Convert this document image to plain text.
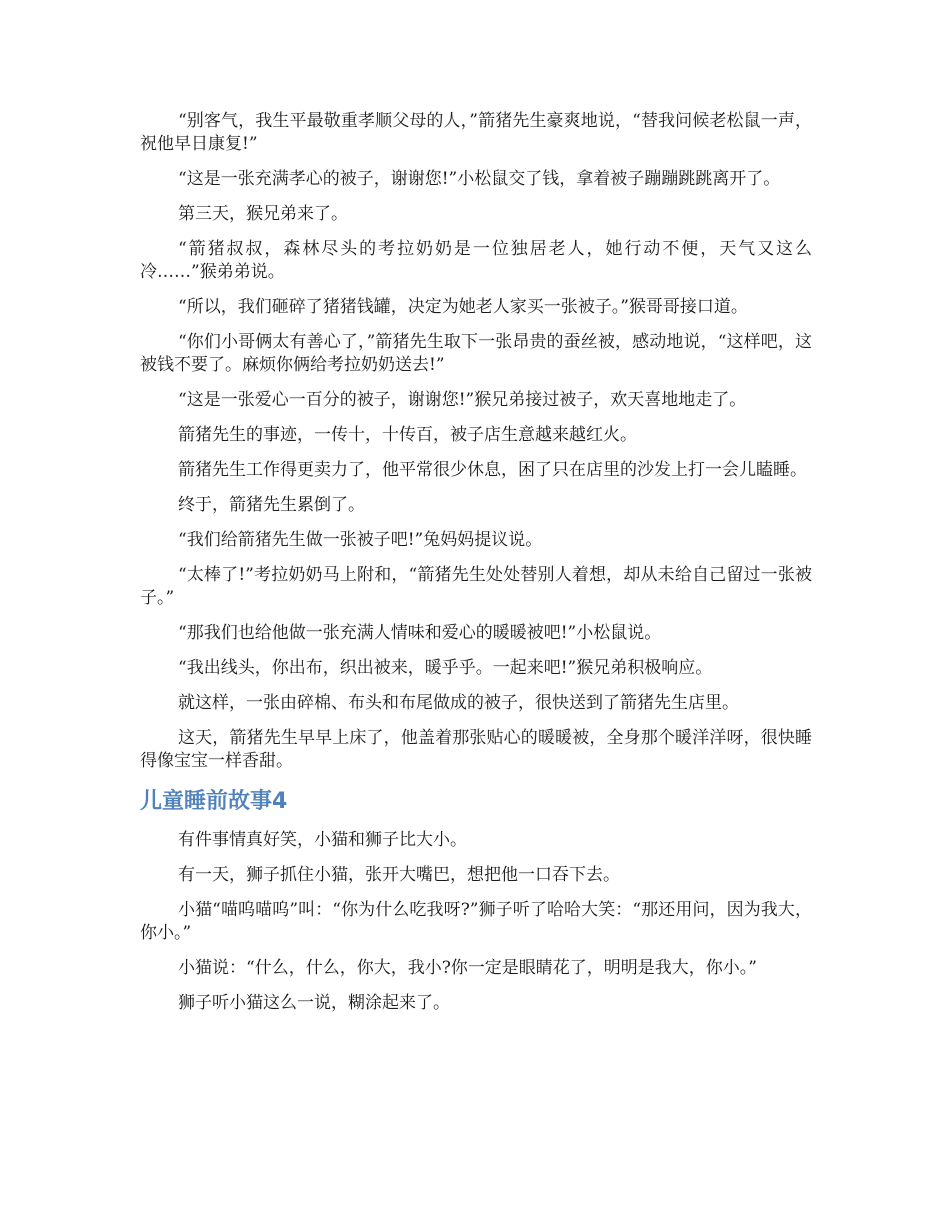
“别客气，我生平最敬重孝顺父母的人，”箭猪先生豪爽地说，“替我问候老松鼠一声，祝他早日康复!”

“这是一张充满孝心的被子，谢谢您!”小松鼠交了钱，拿着被子蹦蹦跳跳离开了。

第三天，猴兄弟来了。

“箭猪叔叔，森林尽头的考拉奶奶是一位独居老人，她行动不便，天气又这么冷……”猴弟弟说。

“所以，我们砸碎了猪猪钱罐，决定为她老人家买一张被子。”猴哥哥接口道。

“你们小哥俩太有善心了，”箭猪先生取下一张昂贵的蚕丝被，感动地说，“这样吧，这被钱不要了。麻烦你俩给考拉奶奶送去!”

“这是一张爱心一百分的被子，谢谢您!”猴兄弟接过被子，欢天喜地地走了。

箭猪先生的事迹，一传十，十传百，被子店生意越来越红火。

箭猪先生工作得更卖力了，他平常很少休息，困了只在店里的沙发上打一会儿瞌睡。

终于，箭猪先生累倒了。

“我们给箭猪先生做一张被子吧!”兔妈妈提议说。

“太棒了!”考拉奶奶马上附和，“箭猪先生处处替别人着想，却从未给自己留过一张被子。”

“那我们也给他做一张充满人情味和爱心的暖暖被吧!”小松鼠说。

“我出线头，你出布，织出被来，暖乎乎。一起来吧!”猴兄弟积极响应。

就这样，一张由碎棉、布头和布尾做成的被子，很快送到了箭猪先生店里。

这天，箭猪先生早早上床了，他盖着那张贴心的暖暖被，全身那个暖洋洋呀，很快睡得像宝宝一样香甜。

儿童睡前故事4

有件事情真好笑，小猫和狮子比大小。

有一天，狮子抓住小猫，张开大嘴巴，想把他一口吞下去。

小猫“喵呜喵呜”叫：“你为什么吃我呀?”狮子听了哈哈大笑：“那还用问，因为我大，你小。”

小猫说：“什么，什么，你大，我小?你一定是眼睛花了，明明是我大，你小。”

狮子听小猫这么一说，糊涂起来了。
